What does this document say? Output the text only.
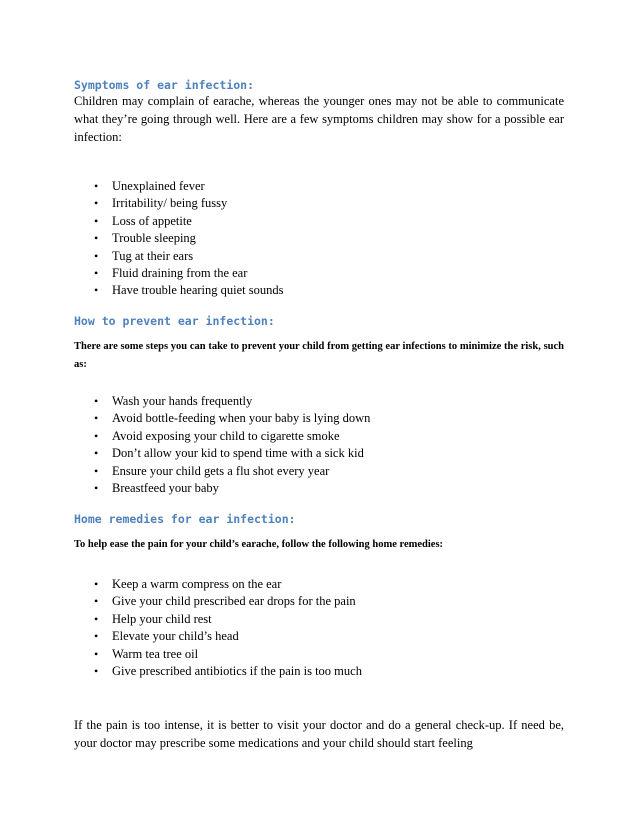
Symptoms of ear infection:

Children may complain of earache, whereas the younger ones may not be able to communicate what they’re going through well. Here are a few symptoms children may show for a possible ear infection:

• Unexplained fever
• Irritability/ being fussy
• Loss of appetite
• Trouble sleeping
• Tug at their ears
• Fluid draining from the ear
• Have trouble hearing quiet sounds
How to prevent ear infection:

There are some steps you can take to prevent your child from getting ear infections to minimize the risk, such as:

• Wash your hands frequently
• Avoid bottle-feeding when your baby is lying down
• Avoid exposing your child to cigarette smoke
• Don’t allow your kid to spend time with a sick kid
• Ensure your child gets a flu shot every year
• Breastfeed your baby
Home remedies for ear infection:

To help ease the pain for your child’s earache, follow the following home remedies:

• Keep a warm compress on the ear
• Give your child prescribed ear drops for the pain
• Help your child rest
• Elevate your child’s head
• Warm tea tree oil
• Give prescribed antibiotics if the pain is too much

If the pain is too intense, it is better to visit your doctor and do a general check-up. If need be, your doctor may prescribe some medications and your child should start feeling
